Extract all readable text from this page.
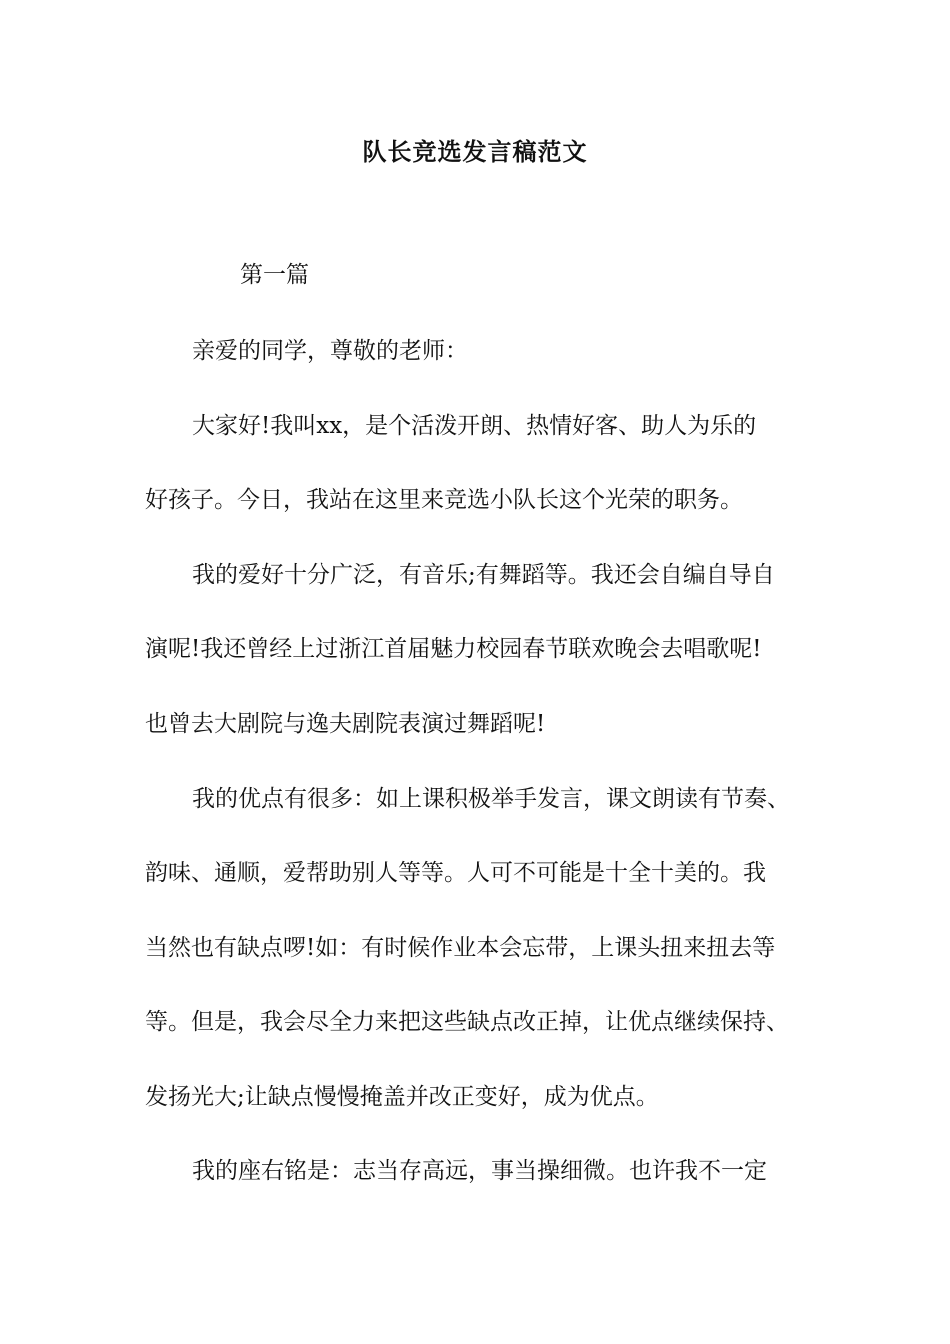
队长竞选发言稿范文
第一篇
亲爱的同学，尊敬的老师：
大家好!我叫xx，是个活泼开朗、热情好客、助人为乐的
好孩子。今日，我站在这里来竞选小队长这个光荣的职务。
我的爱好十分广泛，有音乐;有舞蹈等。我还会自编自导自
演呢!我还曾经上过浙江首届魅力校园春节联欢晚会去唱歌呢!
也曾去大剧院与逸夫剧院表演过舞蹈呢!
我的优点有很多：如上课积极举手发言，课文朗读有节奏、
韵味、通顺，爱帮助别人等等。人可不可能是十全十美的。我
当然也有缺点啰!如：有时候作业本会忘带，上课头扭来扭去等
等。但是，我会尽全力来把这些缺点改正掉，让优点继续保持、
发扬光大;让缺点慢慢掩盖并改正变好，成为优点。
我的座右铭是：志当存高远，事当操细微。也许我不一定
